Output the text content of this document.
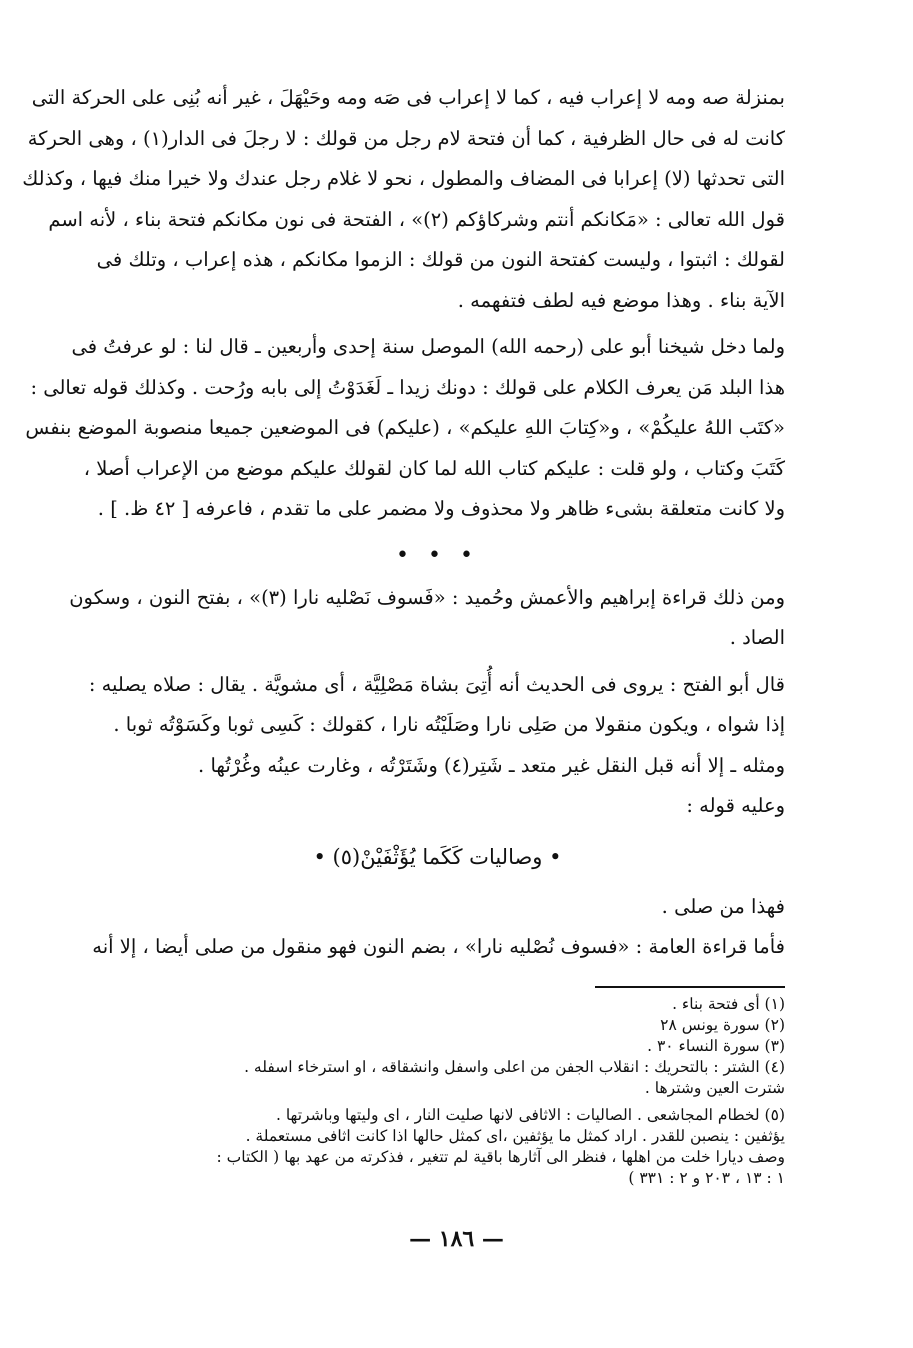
بمنزلة صه ومه لا إعراب فيه ، كما لا إعراب فى صَه ومه وحَيْهَلَ ، غير أنه بُنِى على الحركة التى
كانت له فى حال الظرفية ، كما أن فتحة لام رجل من قولك : لا رجلَ فى الدار(١) ، وهى الحركة
التى تحدثها (لا) إعرابا فى المضاف والمطول ، نحو لا غلام رجل عندك ولا خيرا منك فيها ، وكذلك
قول الله تعالى : «مَكانكم أنتم وشركاؤكم (٢)» ، الفتحة فى نون مكانكم فتحة بناء ، لأنه اسم
لقولك : اثبتوا ، وليست كفتحة النون من قولك : الزموا مكانكم ، هذه إعراب ، وتلك فى
الآية بناء . وهذا موضع فيه لطف فتفهمه .

ولما دخل شيخنا أبو على (رحمه الله) الموصل سنة إحدى وأربعين ـ قال لنا : لو عرفتُ فى
هذا البلد مَن يعرف الكلام على قولك : دونك زيدا ـ لَغَدَوْتُ إلى بابه ورُحت . وكذلك قوله تعالى :
«كتَب اللهُ عليكُمْ» ، و«كِتابَ اللهِ عليكم» ، (عليكم) فى الموضعين جميعا منصوبة الموضع بنفس
كَتَبَ وكتاب ، ولو قلت : عليكم كتاب الله لما كان لقولك عليكم موضع من الإعراب أصلا ،
ولا كانت متعلقة بشىء ظاهر ولا محذوف ولا مضمر على ما تقدم ، فاعرفه [ ٤٢ ظ. ] .

• • •

ومن ذلك قراءة إبراهيم والأعمش وحُميد : «فَسوف نَصْليه نارا (٣)» ، بفتح النون ، وسكون
الصاد .

قال أبو الفتح : يروى فى الحديث أنه أُتِىَ بشاة مَصْلِيَّة ، أى مشويَّة . يقال : صلاه يصليه :
إذا شواه ، ويكون منقولا من صَلِى نارا وصَلَيْتُه نارا ، كقولك : كَسِى ثوبا وكَسَوْتُه ثوبا .
ومثله ـ إلا أنه قبل النقل غير متعد ـ شَتِر(٤) وشَتَرْتُه ، وغارت عينُه وغُرْتُها .

وعليه قوله :

• وصاليات كَكَما يُؤَثْفَيْنْ(٥) •

فهذا من صلى .

فأما قراءة العامة : «فسوف نُصْليه نارا» ، بضم النون فهو منقول من صلى أيضا ، إلا أنه

(١) أى فتحة بناء .

(٢) سورة يونس ٢٨

(٣) سورة النساء ٣٠ .

(٤) الشتر : بالتحريك : انقلاب الجفن من اعلى واسفل وانشقاقه ، او استرخاء اسفله .

شترت العين وشترها .

(٥) لخطام المجاشعى . الصاليات : الاثافى لانها صليت النار ، اى وليتها وباشرتها .

يؤثفين : ينصبن للقدر . اراد كمثل ما يؤثفين ،اى كمثل حالها اذا كانت اثافى مستعملة .

وصف ديارا خلت من اهلها ، فنظر الى آثارها باقية لم تتغير ، فذكرته من عهد بها ( الكتاب :

١ : ١٣ ، ٢٠٣ و ٢ : ٣٣١ )

— ١٨٦ —
